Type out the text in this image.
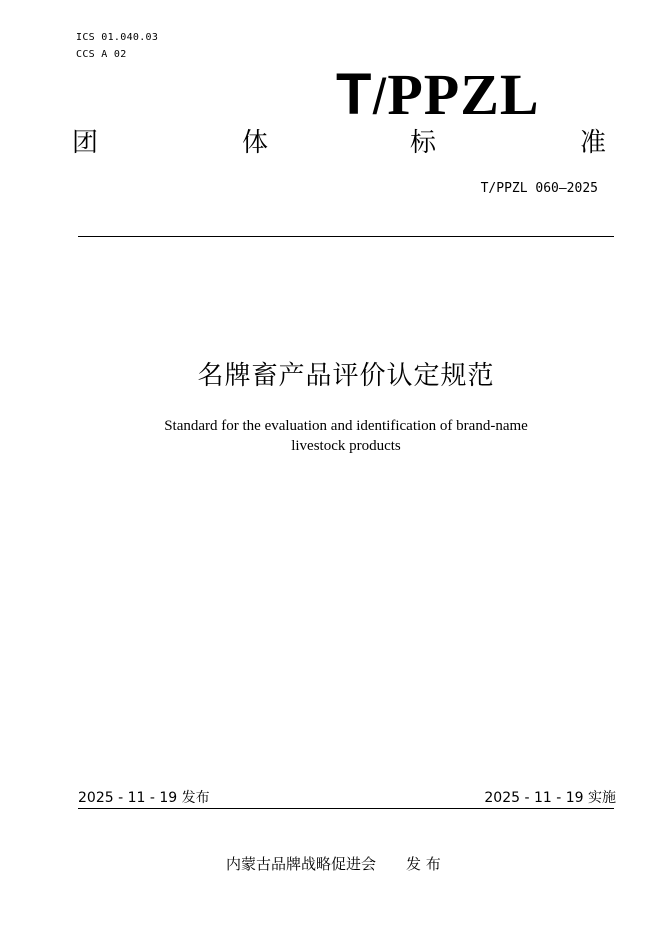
ICS 01.040.03
CCS A 02
T/PPZL
团	体	标	准
T/PPZL 060—2025
名牌畜产品评价认定规范
Standard for the evaluation and identification of brand-name
livestock products
2025 - 11 - 19 发布	2025 - 11 - 19 实施
内蒙古品牌战略促进会 发 布
